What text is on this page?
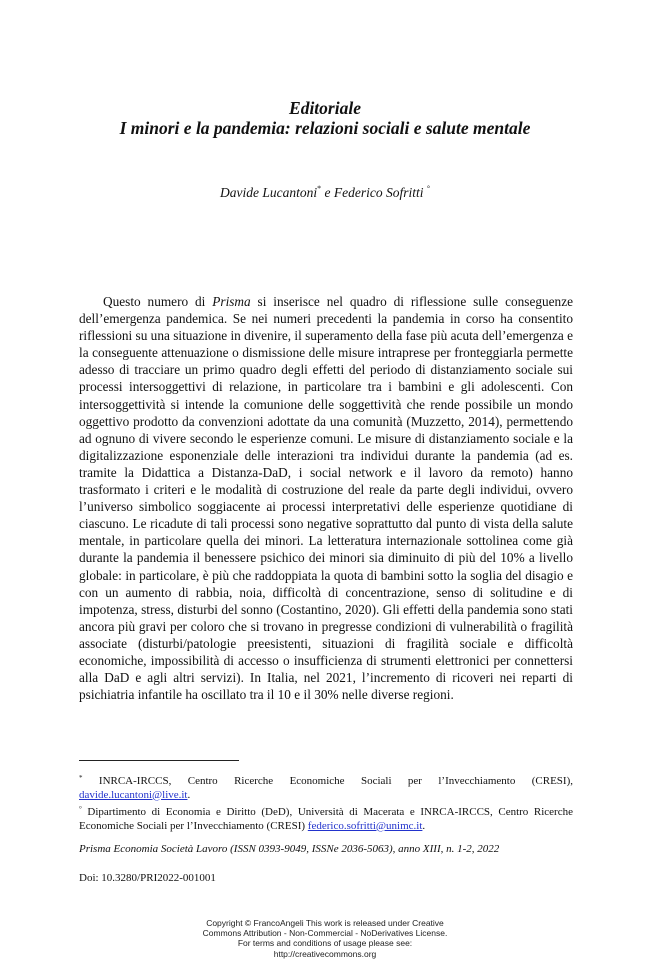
Editoriale
I minori e la pandemia: relazioni sociali e salute mentale
Davide Lucantoni* e Federico Sofritti °

Questo numero di Prisma si inserisce nel quadro di riflessione sulle conseguenze dell’emergenza pandemica. Se nei numeri precedenti la pandemia in corso ha consentito riflessioni su una situazione in divenire, il superamento della fase più acuta dell’emergenza e la conseguente attenuazione o dismissione delle misure intraprese per fronteggiarla permette adesso di tracciare un primo quadro degli effetti del periodo di distanziamento sociale sui processi intersoggettivi di relazione, in particolare tra i bambini e gli adolescenti. Con intersoggettività si intende la comunione delle soggettività che rende possibile un mondo oggettivo prodotto da convenzioni adottate da una comunità (Muzzetto, 2014), permettendo ad ognuno di vivere secondo le esperienze comuni. Le misure di distanziamento sociale e la digitalizzazione esponenziale delle interazioni tra individui durante la pandemia (ad es. tramite la Didattica a Distanza-DaD, i social network e il lavoro da remoto) hanno trasformato i criteri e le modalità di costruzione del reale da parte degli individui, ovvero l’universo simbolico soggiacente ai processi interpretativi delle esperienze quotidiane di ciascuno. Le ricadute di tali processi sono negative soprattutto dal punto di vista della salute mentale, in particolare quella dei minori. La letteratura internazionale sottolinea come già durante la pandemia il benessere psichico dei minori sia diminuito di più del 10% a livello globale: in particolare, è più che raddoppiata la quota di bambini sotto la soglia del disagio e con un aumento di rabbia, noia, difficoltà di concentrazione, senso di solitudine e di impotenza, stress, disturbi del sonno (Costantino, 2020). Gli effetti della pandemia sono stati ancora più gravi per coloro che si trovano in pregresse condizioni di vulnerabilità o fragilità associate (disturbi/patologie preesistenti, situazioni di fragilità sociale e difficoltà economiche, impossibilità di accesso o insufficienza di strumenti elettronici per connettersi alla DaD e agli altri servizi). In Italia, nel 2021, l’incremento di ricoveri nei reparti di psichiatria infantile ha oscillato tra il 10 e il 30% nelle diverse regioni.

* INRCA-IRCCS, Centro Ricerche Economiche Sociali per l’Invecchiamento (CRESI), davide.lucantoni@live.it.
° Dipartimento di Economia e Diritto (DeD), Università di Macerata e INRCA-IRCCS, Centro Ricerche Economiche Sociali per l’Invecchiamento (CRESI) federico.sofritti@unimc.it.
Prisma Economia Società Lavoro (ISSN 0393-9049, ISSNe 2036-5063), anno XIII, n. 1-2, 2022
Doi: 10.3280/PRI2022-001001
Copyright © FrancoAngeli This work is released under Creative
Commons Attribution - Non-Commercial - NoDerivatives License.
For terms and conditions of usage please see:
http://creativecommons.org
